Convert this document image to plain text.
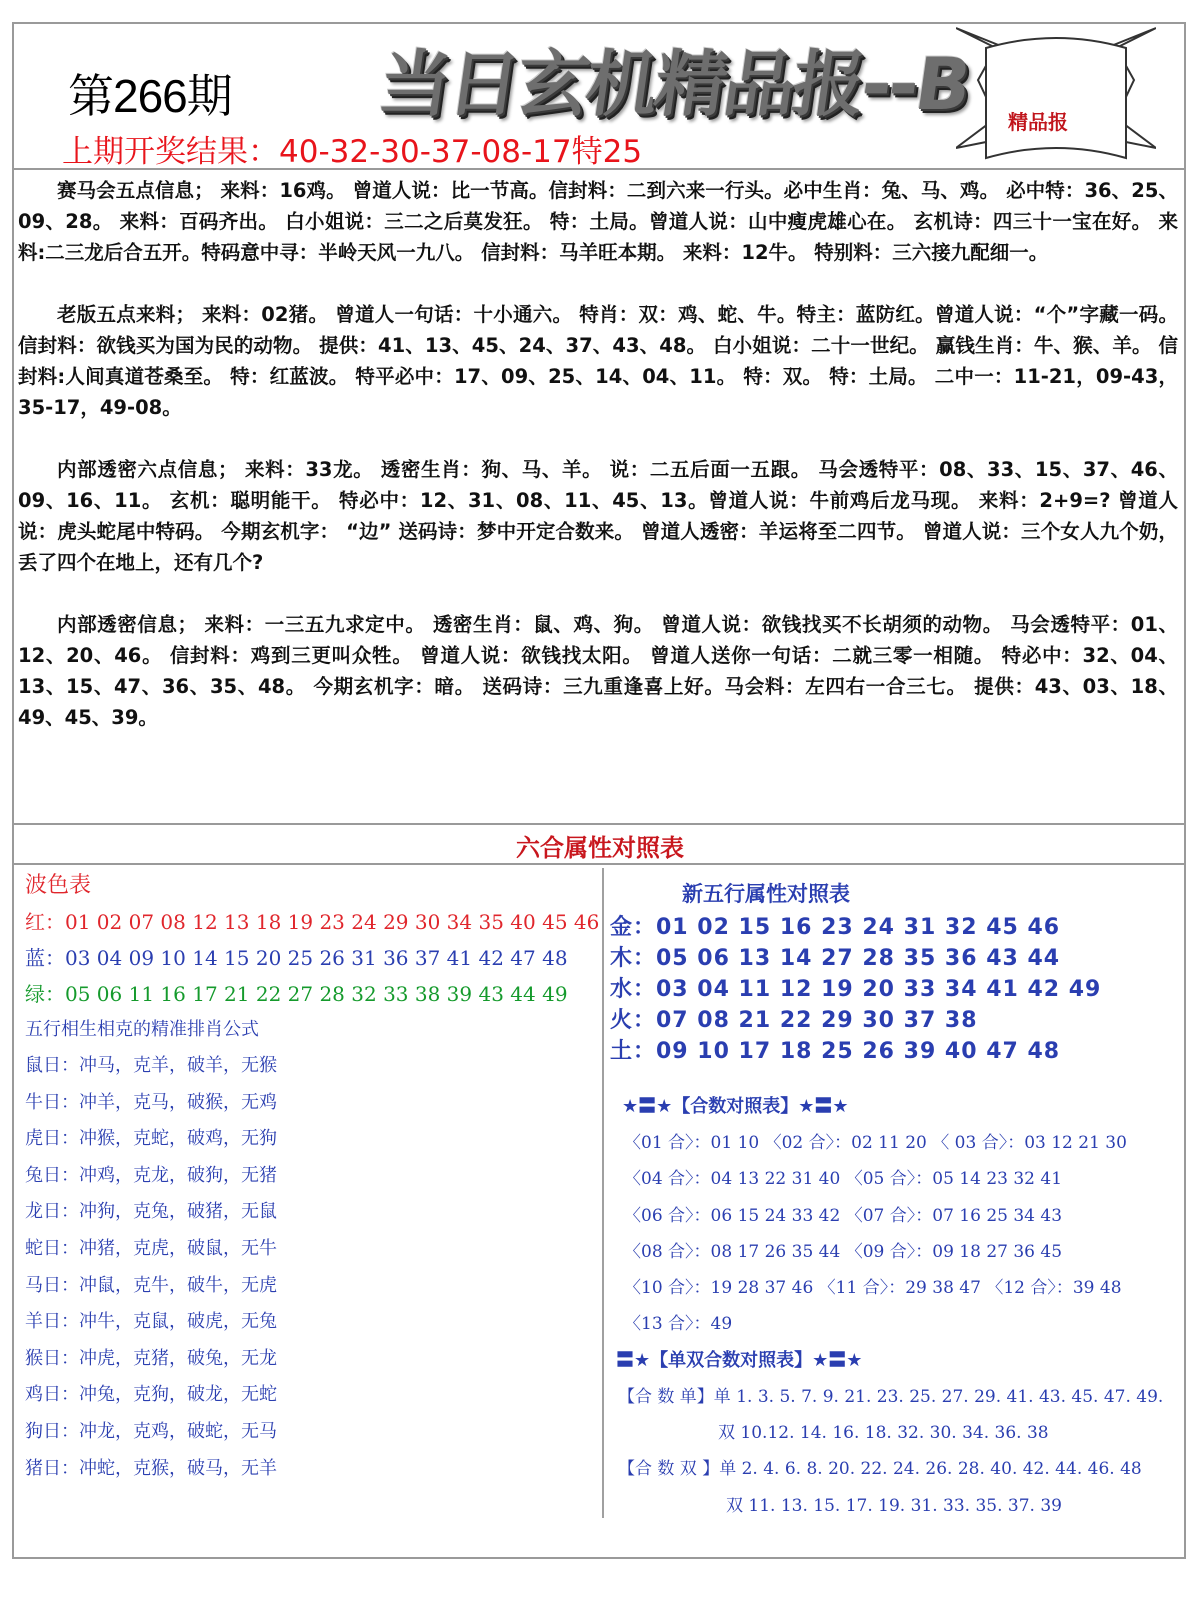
第266期
上期开奖结果：40-32-30-37-08-17特25
当日玄机精品报--B 精品报

赛马会五点信息； 来料：16鸡。 曾道人说：比一节高。信封料：二到六来一行头。必中生肖：兔、马、鸡。 必中特：36、25、09、28。 来料：百码齐出。 白小姐说：三二之后莫发狂。 特：土局。曾道人说：山中瘦虎雄心在。 玄机诗：四三十一宝在好。 来料:二三龙后合五开。特码意中寻：半岭天风一九八。 信封料：马羊旺本期。 来料：12牛。 特别料：三六接九配细一。

老版五点来料； 来料：02猪。 曾道人一句话：十小通六。 特肖：双：鸡、蛇、牛。特主：蓝防红。曾道人说：“个”字藏一码。信封料：欲钱买为国为民的动物。 提供：41、13、45、24、37、43、48。 白小姐说：二十一世纪。 赢钱生肖：牛、猴、羊。 信封料:人间真道苍桑至。 特：红蓝波。 特平必中：17、09、25、14、04、11。 特：双。 特：土局。 二中一：11-21，09-43，35-17，49-08。

内部透密六点信息； 来料：33龙。 透密生肖：狗、马、羊。 说：二五后面一五跟。 马会透特平：08、33、15、37、46、09、16、11。 玄机：聪明能干。 特必中：12、31、08、11、45、13。曾道人说：牛前鸡后龙马现。 来料：2+9=? 曾道人说：虎头蛇尾中特码。 今期玄机字： “边” 送码诗：梦中开定合数来。 曾道人透密：羊运将至二四节。 曾道人说：三个女人九个奶，丢了四个在地上，还有几个?

内部透密信息； 来料：一三五九求定中。 透密生肖：鼠、鸡、狗。 曾道人说：欲钱找买不长胡须的动物。 马会透特平：01、12、20、46。 信封料：鸡到三更叫众牲。 曾道人说：欲钱找太阳。 曾道人送你一句话：二就三零一相随。 特必中：32、04、13、15、47、36、35、48。 今期玄机字：暗。 送码诗：三九重逢喜上好。马会料：左四右一合三七。 提供：43、03、18、49、45、39。

六合属性对照表
波色表
红：01 02 07 08 12 13 18 19 23 24 29 30 34 35 40 45 46
蓝：03 04 09 10 14 15 20 25 26 31 36 37 41 42 47 48
绿：05 06 11 16 17 21 22 27 28 32 33 38 39 43 44 49
五行相生相克的精准排肖公式
鼠日：冲马，克羊，破羊，无猴
牛日：冲羊，克马，破猴，无鸡
虎日：冲猴，克蛇，破鸡，无狗
兔日：冲鸡，克龙，破狗，无猪
龙日：冲狗，克兔，破猪，无鼠
蛇日：冲猪，克虎，破鼠，无牛
马日：冲鼠，克牛，破牛，无虎
羊日：冲牛，克鼠，破虎，无兔
猴日：冲虎，克猪，破兔，无龙
鸡日：冲兔，克狗，破龙，无蛇
狗日：冲龙，克鸡，破蛇，无马
猪日：冲蛇，克猴，破马，无羊
新五行属性对照表
金：01 02 15 16 23 24 31 32 45 46
木：05 06 13 14 27 28 35 36 43 44
水：03 04 11 12 19 20 33 34 41 42 49
火：07 08 21 22 29 30 37 38
土：09 10 17 18 25 26 39 40 47 48
★〓★【合数对照表】★〓★
〈01 合〉：01 10 〈02 合〉：02 11 20 〈 03 合〉：03 12 21 30
〈04 合〉：04 13 22 31 40 〈05 合〉：05 14 23 32 41
〈06 合〉：06 15 24 33 42 〈07 合〉：07 16 25 34 43
〈08 合〉：08 17 26 35 44 〈09 合〉：09 18 27 36 45
〈10 合〉：19 28 37 46 〈11 合〉：29 38 47 〈12 合〉：39 48
〈13 合〉：49
〓★【单双合数对照表】★〓★
【合 数 单】单 1. 3. 5. 7. 9. 21. 23. 25. 27. 29. 41. 43. 45. 47. 49.
双 10.12. 14. 16. 18. 32. 30. 34. 36. 38
【合 数 双 】单 2. 4. 6. 8. 20. 22. 24. 26. 28. 40. 42. 44. 46. 48
双 11. 13. 15. 17. 19. 31. 33. 35. 37. 39
